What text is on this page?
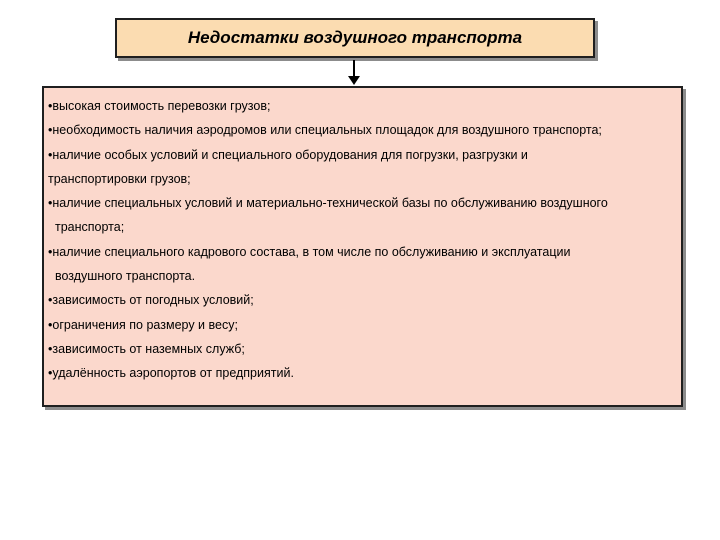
Недостатки воздушного транспорта
•высокая стоимость перевозки грузов;
•необходимость наличия аэродромов или специальных площадок для воздушного транспорта;
•наличие особых условий и специального оборудования для погрузки, разгрузки и
транспортировки грузов;
•наличие специальных условий и материально-технической базы по обслуживанию воздушного
транспорта;
•наличие специального кадрового состава, в том числе по обслуживанию и эксплуатации
воздушного транспорта.
•зависимость от погодных условий;
•ограничения по размеру и весу;
•зависимость от наземных служб;
•удалённость аэропортов от предприятий.
